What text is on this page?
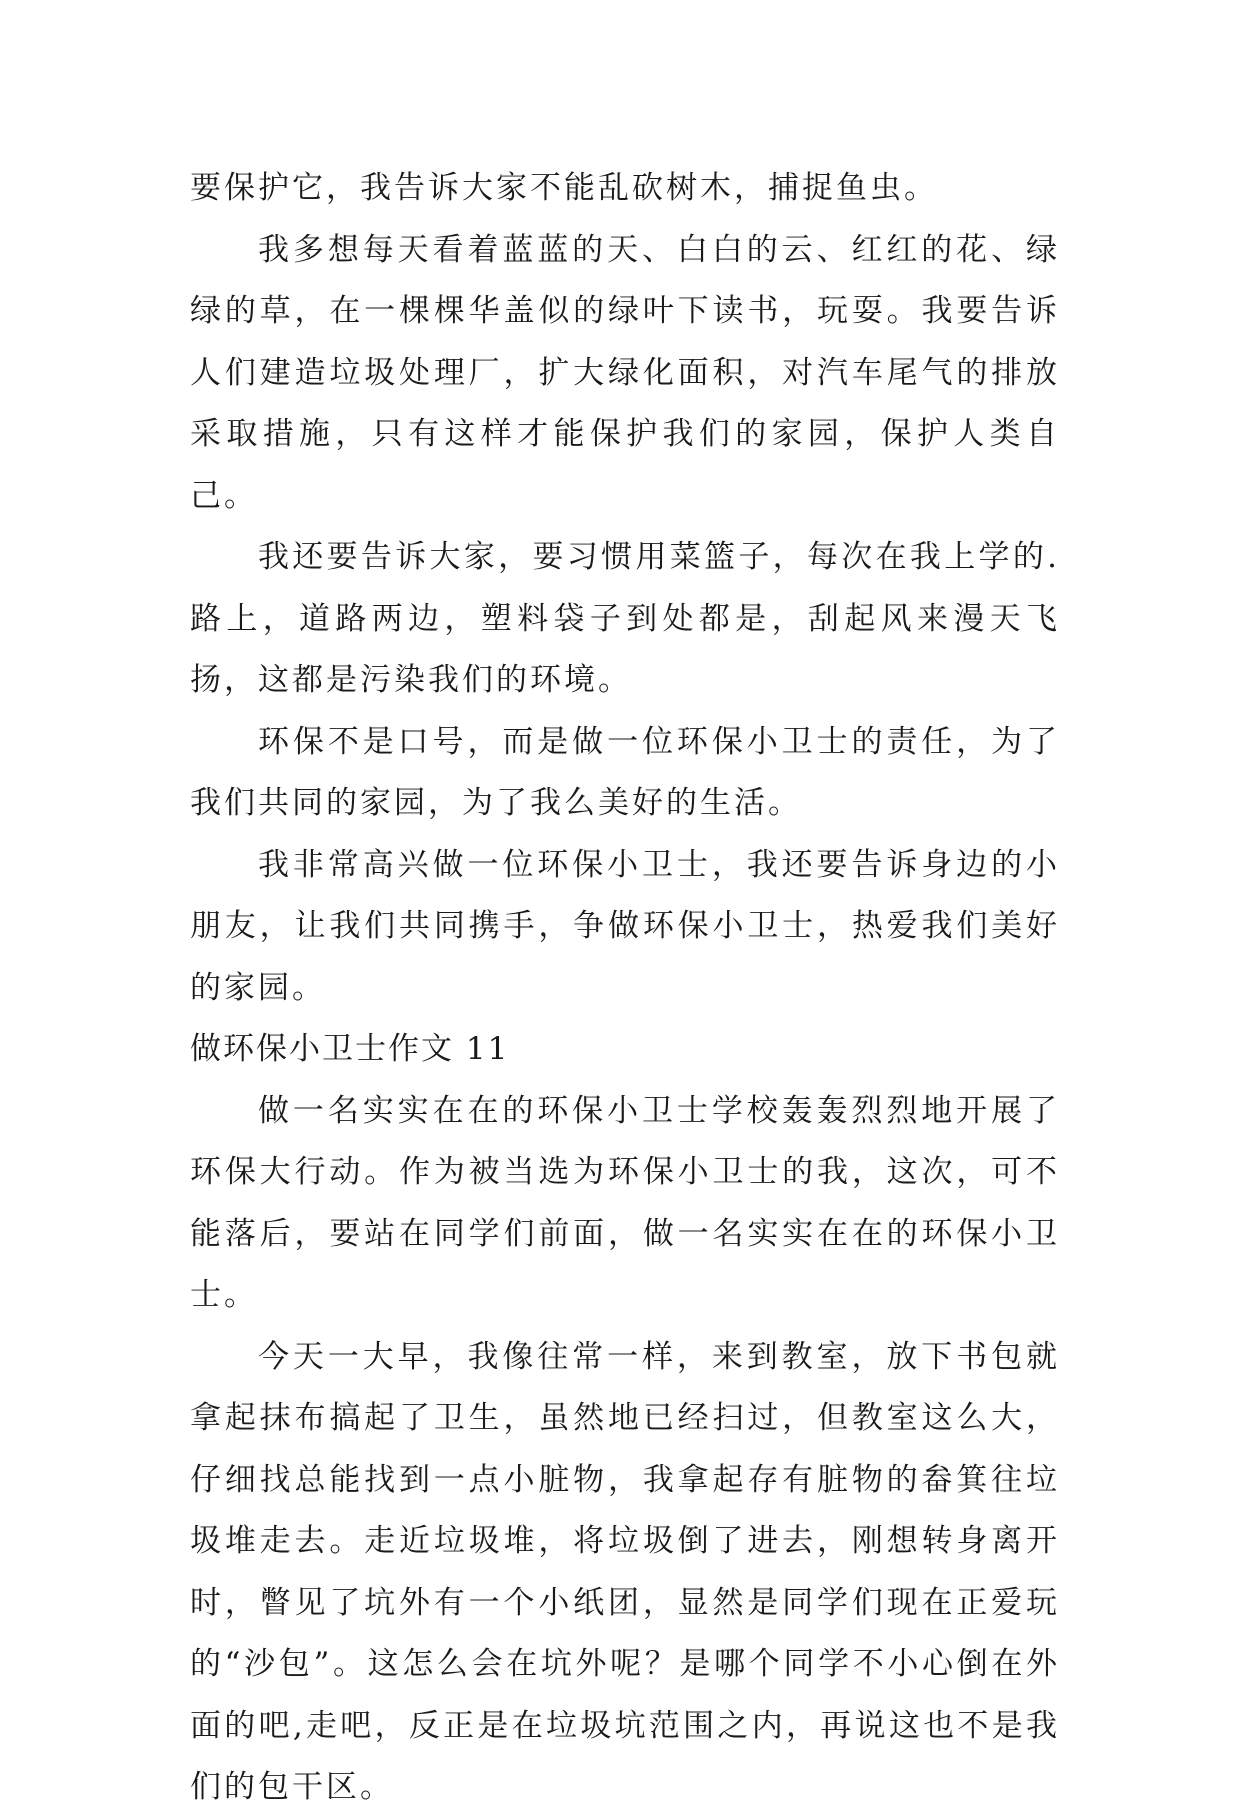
要保护它，我告诉大家不能乱砍树木，捕捉鱼虫。

我多想每天看着蓝蓝的天、白白的云、红红的花、绿绿的草，在一棵棵华盖似的绿叶下读书，玩耍。我要告诉人们建造垃圾处理厂，扩大绿化面积，对汽车尾气的排放采取措施，只有这样才能保护我们的家园，保护人类自己。

我还要告诉大家，要习惯用菜篮子，每次在我上学的.路上，道路两边，塑料袋子到处都是，刮起风来漫天飞扬，这都是污染我们的环境。

环保不是口号，而是做一位环保小卫士的责任，为了我们共同的家园，为了我么美好的生活。

我非常高兴做一位环保小卫士，我还要告诉身边的小朋友，让我们共同携手，争做环保小卫士，热爱我们美好的家园。

做环保小卫士作文 11

做一名实实在在的环保小卫士学校轰轰烈烈地开展了环保大行动。作为被当选为环保小卫士的我，这次，可不能落后，要站在同学们前面，做一名实实在在的环保小卫士。

今天一大早，我像往常一样，来到教室，放下书包就拿起抹布搞起了卫生，虽然地已经扫过，但教室这么大，仔细找总能找到一点小脏物，我拿起存有脏物的畚箕往垃圾堆走去。走近垃圾堆，将垃圾倒了进去，刚想转身离开时，瞥见了坑外有一个小纸团，显然是同学们现在正爱玩的“沙包”。这怎么会在坑外呢？是哪个同学不小心倒在外面的吧,走吧，反正是在垃圾坑范围之内，再说这也不是我们的包干区。
